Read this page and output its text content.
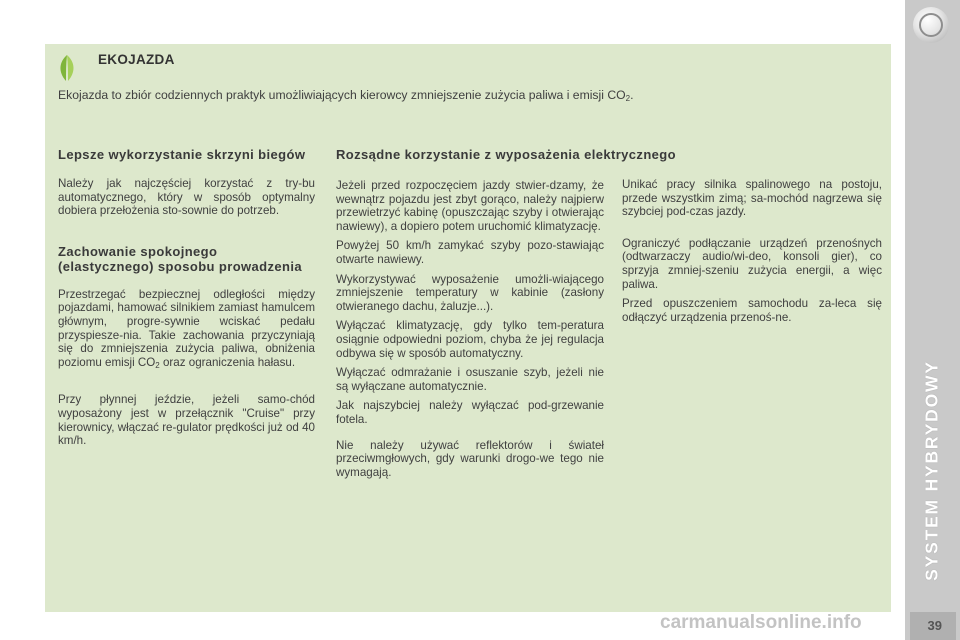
EKOJAZDA
Ekojazda to zbiór codziennych praktyk umożliwiających kierowcy zmniejszenie zużycia paliwa i emisji $CO_2$.
Lepsze wykorzystanie skrzyni biegów

Należy jak najczęściej korzystać z try-bu automatycznego, który w sposób optymalny dobiera przełożenia sto-sownie do potrzeb.

Zachowanie spokojnego (elastycznego) sposobu prowadzenia

Przestrzegać bezpiecznej odległości między pojazdami, hamować silnikiem zamiast hamulcem głównym, progre-sywnie wciskać pedału przyspiesze-nia. Takie zachowania przyczyniają się do zmniejszenia zużycia paliwa, obniżenia poziomu emisji $CO_2$ oraz ograniczenia hałasu.

Przy płynnej jeździe, jeżeli samo-chód wyposażony jest w przełącznik "Cruise" przy kierownicy, włączać re-gulator prędkości już od 40 km/h.

Rozsądne korzystanie z wyposażenia elektrycznego

Jeżeli przed rozpoczęciem jazdy stwier-dzamy, że wewnątrz pojazdu jest zbyt gorąco, należy najpierw przewietrzyć kabinę (opuszczając szyby i otwierając nawiewy), a dopiero potem uruchomić klimatyzację.

Powyżej 50 km/h zamykać szyby pozo-stawiając otwarte nawiewy.

Wykorzystywać wyposażenie umożli-wiającego zmniejszenie temperatury w kabinie (zasłony otwieranego dachu, żaluzje...).

Wyłączać klimatyzację, gdy tylko tem-peratura osiągnie odpowiedni poziom, chyba że jej regulacja odbywa się w sposób automatyczny.

Wyłączać odmrażanie i osuszanie szyb, jeżeli nie są wyłączane automatycznie.

Jak najszybciej należy wyłączać pod-grzewanie fotela.

Nie należy używać reflektorów i świateł przeciwmgłowych, gdy warunki drogo-we tego nie wymagają.

Unikać pracy silnika spalinowego na postoju, przede wszystkim zimą; sa-mochód nagrzewa się szybciej pod-czas jazdy.

Ograniczyć podłączanie urządzeń przenośnych (odtwarzaczy audio/wi-deo, konsoli gier), co sprzyja zmniej-szeniu zużycia energii, a więc paliwa.

Przed opuszczeniem samochodu za-leca się odłączyć urządzenia przenoś-ne.

SYSTEM HYBRYDOWY
39
carmanualsonline.info
